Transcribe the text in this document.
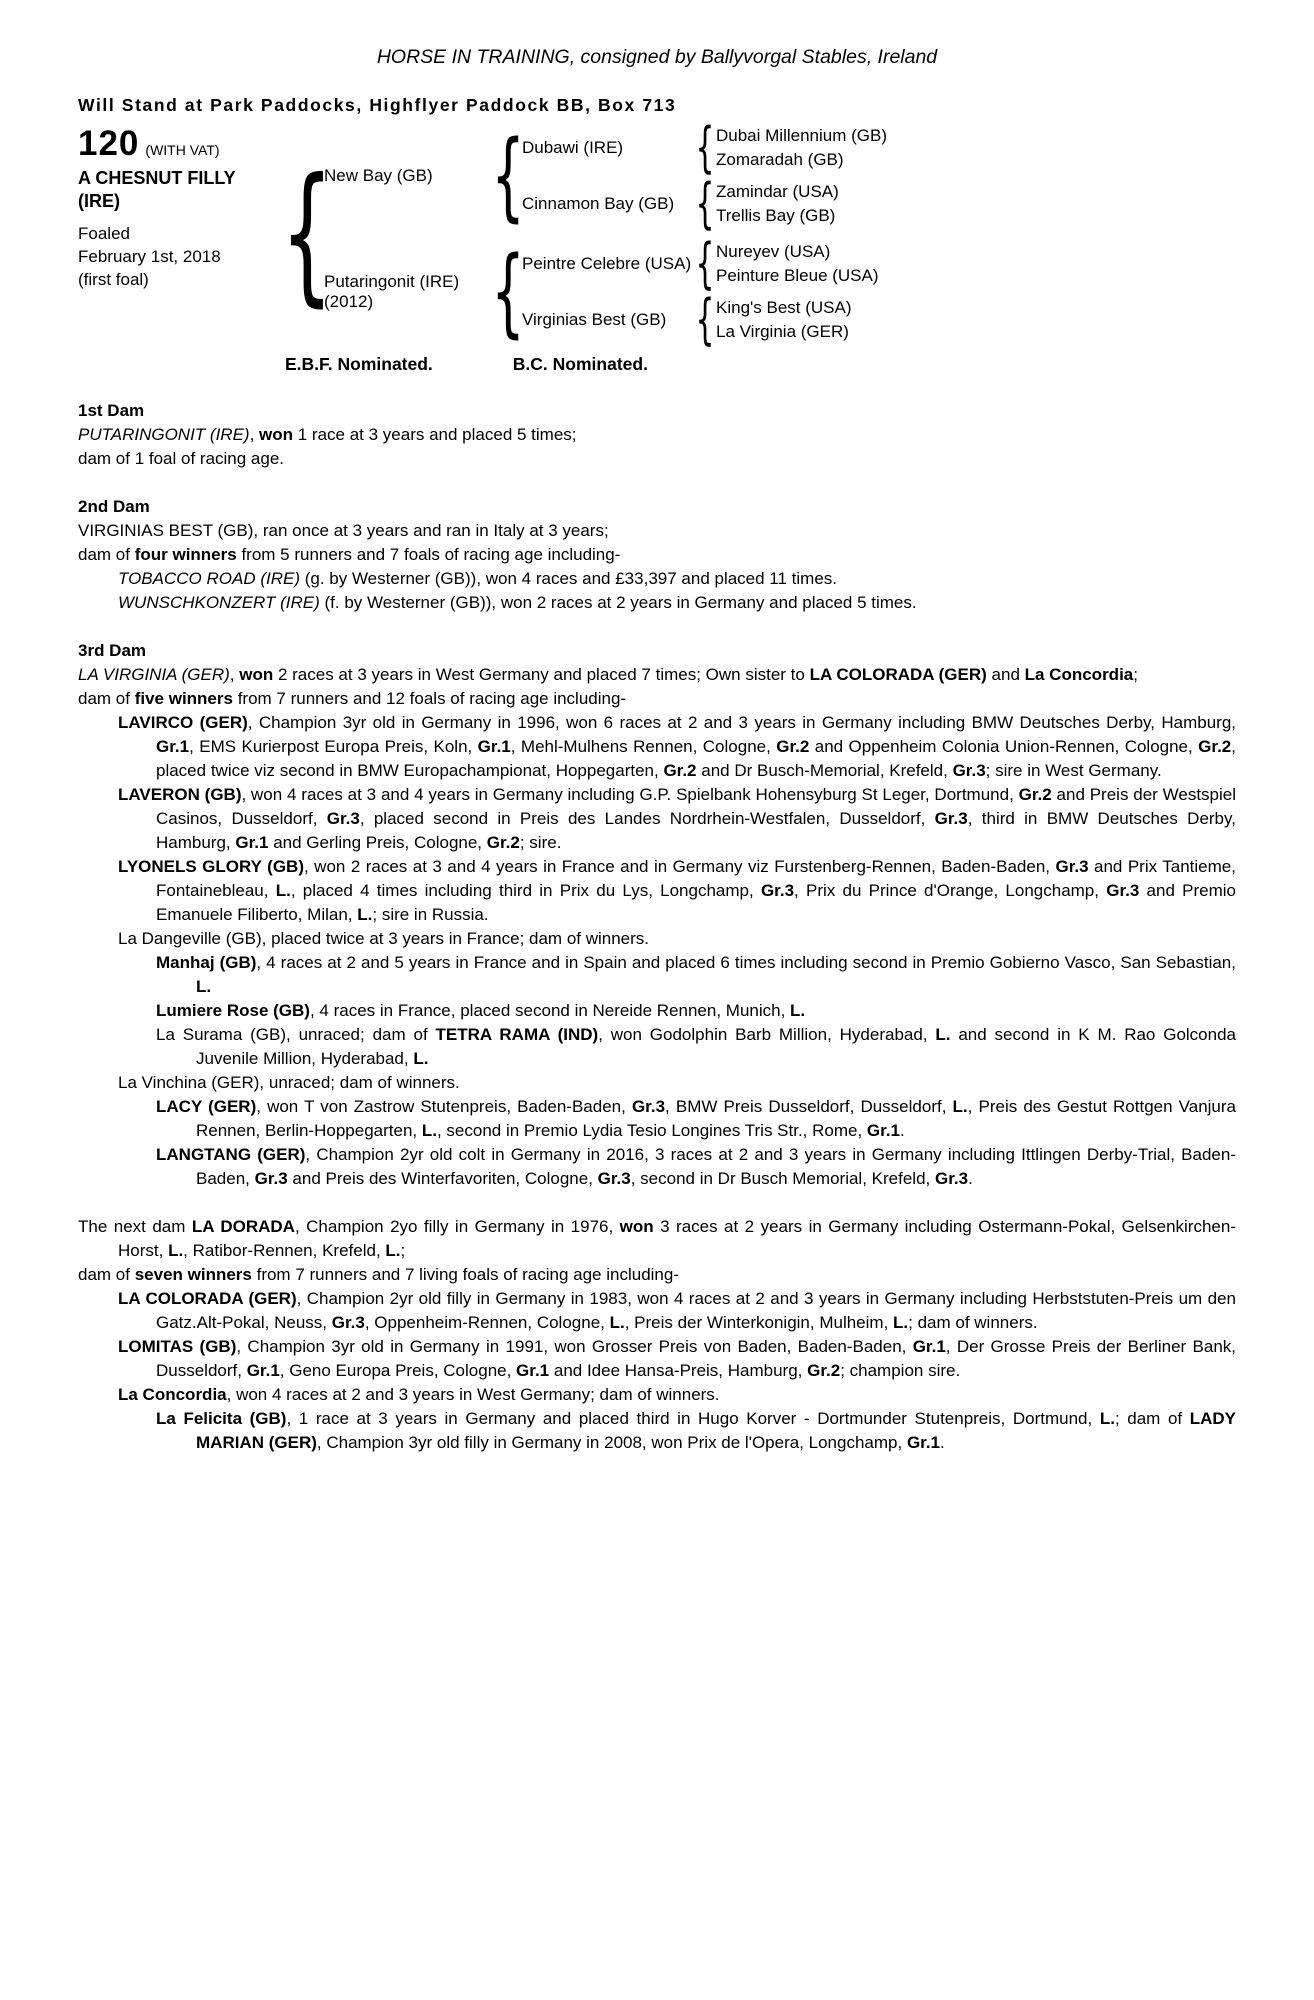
HORSE IN TRAINING, consigned by Ballyvorgal Stables, Ireland
Will Stand at Park Paddocks, Highflyer Paddock BB, Box 713
120 (WITH VAT)
A CHESNUT FILLY
(IRE)
Foaled
February 1st, 2018
(first foal) {
New Bay (GB) {
Dubawi (IRE) { Dubai Millennium (GB)
Zomaradah (GB)
Cinnamon Bay (GB) { Zamindar (USA)
Trellis Bay (GB)
Putaringonit (IRE)
(2012)	{
Peintre Celebre (USA) { Nureyev (USA)
Peinture Bleue (USA)
Virginias Best (GB) { King's Best (USA)
La Virginia (GER)
E.B.F. Nominated.	B.C. Nominated.
1st Dam

PUTARINGONIT (IRE), won 1 race at 3 years and placed 5 times;

dam of 1 foal of racing age.

2nd Dam

VIRGINIAS BEST (GB), ran once at 3 years and ran in Italy at 3 years;

dam of four winners from 5 runners and 7 foals of racing age including-

TOBACCO ROAD (IRE) (g. by Westerner (GB)), won 4 races and £33,397 and placed 11 times.

WUNSCHKONZERT (IRE) (f. by Westerner (GB)), won 2 races at 2 years in Germany and placed 5 times.

3rd Dam

LA VIRGINIA (GER), won 2 races at 3 years in West Germany and placed 7 times; Own sister to LA COLORADA (GER) and La Concordia;

dam of five winners from 7 runners and 12 foals of racing age including-

LAVIRCO (GER), Champion 3yr old in Germany in 1996, won 6 races at 2 and 3 years in Germany including BMW Deutsches Derby, Hamburg, Gr.1, EMS Kurierpost Europa Preis, Koln, Gr.1, Mehl-Mulhens Rennen, Cologne, Gr.2 and Oppenheim Colonia Union-Rennen, Cologne, Gr.2, placed twice viz second in BMW Europachampionat, Hoppegarten, Gr.2 and Dr Busch-Memorial, Krefeld, Gr.3; sire in West Germany.

LAVERON (GB), won 4 races at 3 and 4 years in Germany including G.P. Spielbank Hohensyburg St Leger, Dortmund, Gr.2 and Preis der Westspiel Casinos, Dusseldorf, Gr.3, placed second in Preis des Landes Nordrhein-Westfalen, Dusseldorf, Gr.3, third in BMW Deutsches Derby, Hamburg, Gr.1 and Gerling Preis, Cologne, Gr.2; sire.

LYONELS GLORY (GB), won 2 races at 3 and 4 years in France and in Germany viz Furstenberg-Rennen, Baden-Baden, Gr.3 and Prix Tantieme, Fontainebleau, L., placed 4 times including third in Prix du Lys, Longchamp, Gr.3, Prix du Prince d'Orange, Longchamp, Gr.3 and Premio Emanuele Filiberto, Milan, L.; sire in Russia.

La Dangeville (GB), placed twice at 3 years in France; dam of winners.

Manhaj (GB), 4 races at 2 and 5 years in France and in Spain and placed 6 times including second in Premio Gobierno Vasco, San Sebastian, L.

Lumiere Rose (GB), 4 races in France, placed second in Nereide Rennen, Munich, L.

La Surama (GB), unraced; dam of TETRA RAMA (IND), won Godolphin Barb Million, Hyderabad, L. and second in K M. Rao Golconda Juvenile Million, Hyderabad, L.

La Vinchina (GER), unraced; dam of winners.

LACY (GER), won T von Zastrow Stutenpreis, Baden-Baden, Gr.3, BMW Preis Dusseldorf, Dusseldorf, L., Preis des Gestut Rottgen Vanjura Rennen, Berlin-Hoppegarten, L., second in Premio Lydia Tesio Longines Tris Str., Rome, Gr.1.

LANGTANG (GER), Champion 2yr old colt in Germany in 2016, 3 races at 2 and 3 years in Germany including Ittlingen Derby-Trial, Baden-Baden, Gr.3 and Preis des Winterfavoriten, Cologne, Gr.3, second in Dr Busch Memorial, Krefeld, Gr.3.

The next dam LA DORADA, Champion 2yo filly in Germany in 1976, won 3 races at 2 years in Germany including Ostermann-Pokal, Gelsenkirchen-Horst, L., Ratibor-Rennen, Krefeld, L.;

dam of seven winners from 7 runners and 7 living foals of racing age including-

LA COLORADA (GER), Champion 2yr old filly in Germany in 1983, won 4 races at 2 and 3 years in Germany including Herbststuten-Preis um den Gatz.Alt-Pokal, Neuss, Gr.3, Oppenheim-Rennen, Cologne, L., Preis der Winterkonigin, Mulheim, L.; dam of winners.

LOMITAS (GB), Champion 3yr old in Germany in 1991, won Grosser Preis von Baden, Baden-Baden, Gr.1, Der Grosse Preis der Berliner Bank, Dusseldorf, Gr.1, Geno Europa Preis, Cologne, Gr.1 and Idee Hansa-Preis, Hamburg, Gr.2; champion sire.

La Concordia, won 4 races at 2 and 3 years in West Germany; dam of winners.

La Felicita (GB), 1 race at 3 years in Germany and placed third in Hugo Korver - Dortmunder Stutenpreis, Dortmund, L.; dam of LADY MARIAN (GER), Champion 3yr old filly in Germany in 2008, won Prix de l'Opera, Longchamp, Gr.1.
